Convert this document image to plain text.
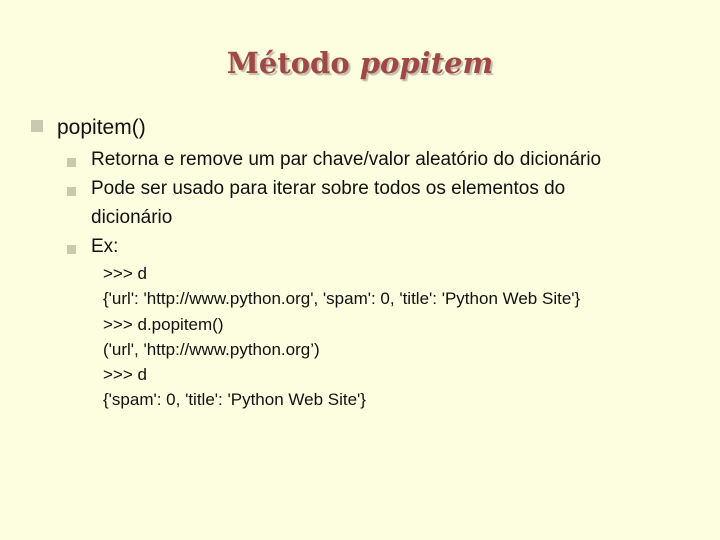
Método popitem
popitem()
Retorna e remove um par chave/valor aleatório do dicionário
Pode ser usado para iterar sobre todos os elementos do dicionário
Ex:
>>> d
{'url': 'http://www.python.org', 'spam': 0, 'title': 'Python Web Site'}
>>> d.popitem()
('url', 'http://www.python.org’)
>>> d
{'spam': 0, 'title': 'Python Web Site'}
